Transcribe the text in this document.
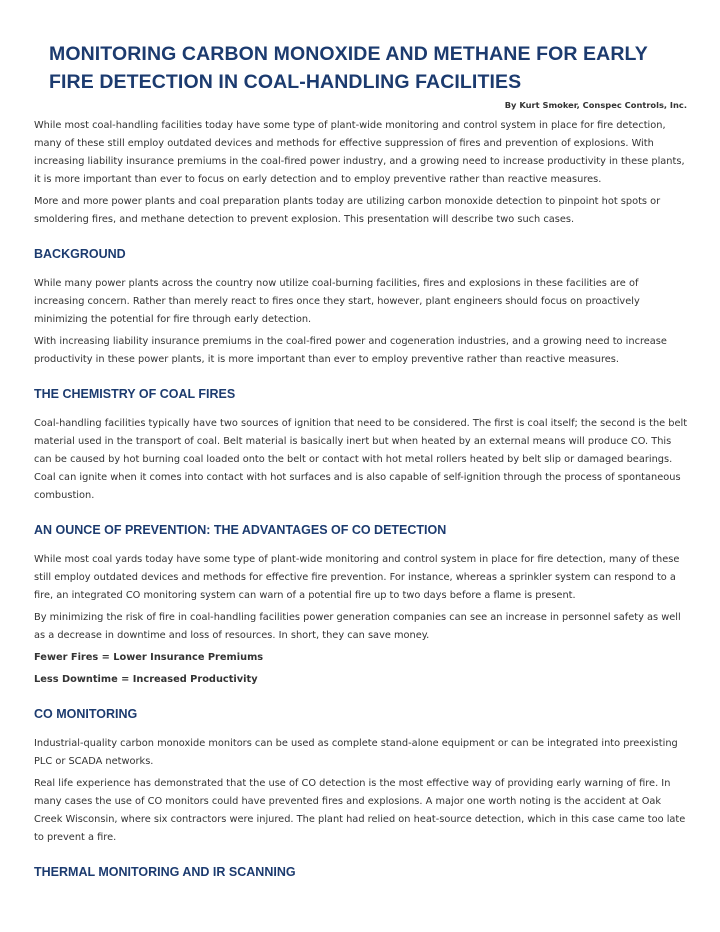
MONITORING CARBON MONOXIDE AND METHANE FOR EARLY FIRE DETECTION IN COAL-HANDLING FACILITIES
By Kurt Smoker, Conspec Controls, Inc.

While most coal-handling facilities today have some type of plant-wide monitoring and control system in place for fire detection, many of these still employ outdated devices and methods for effective suppression of fires and prevention of explosions. With increasing liability insurance premiums in the coal-fired power industry, and a growing need to increase productivity in these plants, it is more important than ever to focus on early detection and to employ preventive rather than reactive measures.

More and more power plants and coal preparation plants today are utilizing carbon monoxide detection to pinpoint hot spots or smoldering fires, and methane detection to prevent explosion. This presentation will describe two such cases.

BACKGROUND

While many power plants across the country now utilize coal-burning facilities, fires and explosions in these facilities are of increasing concern. Rather than merely react to fires once they start, however, plant engineers should focus on proactively minimizing the potential for fire through early detection.

With increasing liability insurance premiums in the coal-fired power and cogeneration industries, and a growing need to increase productivity in these power plants, it is more important than ever to employ preventive rather than reactive measures.

THE CHEMISTRY OF COAL FIRES

Coal-handling facilities typically have two sources of ignition that need to be considered. The first is coal itself; the second is the belt material used in the transport of coal. Belt material is basically inert but when heated by an external means will produce CO. This can be caused by hot burning coal loaded onto the belt or contact with hot metal rollers heated by belt slip or damaged bearings. Coal can ignite when it comes into contact with hot surfaces and is also capable of self-ignition through the process of spontaneous combustion.

AN OUNCE OF PREVENTION: THE ADVANTAGES OF CO DETECTION

While most coal yards today have some type of plant-wide monitoring and control system in place for fire detection, many of these still employ outdated devices and methods for effective fire prevention. For instance, whereas a sprinkler system can respond to a fire, an integrated CO monitoring system can warn of a potential fire up to two days before a flame is present.

By minimizing the risk of fire in coal-handling facilities power generation companies can see an increase in personnel safety as well as a decrease in downtime and loss of resources. In short, they can save money.

Fewer Fires = Lower Insurance Premiums

Less Downtime = Increased Productivity

CO MONITORING

Industrial-quality carbon monoxide monitors can be used as complete stand-alone equipment or can be integrated into preexisting PLC or SCADA networks.

Real life experience has demonstrated that the use of CO detection is the most effective way of providing early warning of fire. In many cases the use of CO monitors could have prevented fires and explosions. A major one worth noting is the accident at Oak Creek Wisconsin, where six contractors were injured. The plant had relied on heat-source detection, which in this case came too late to prevent a fire.

THERMAL MONITORING AND IR SCANNING
